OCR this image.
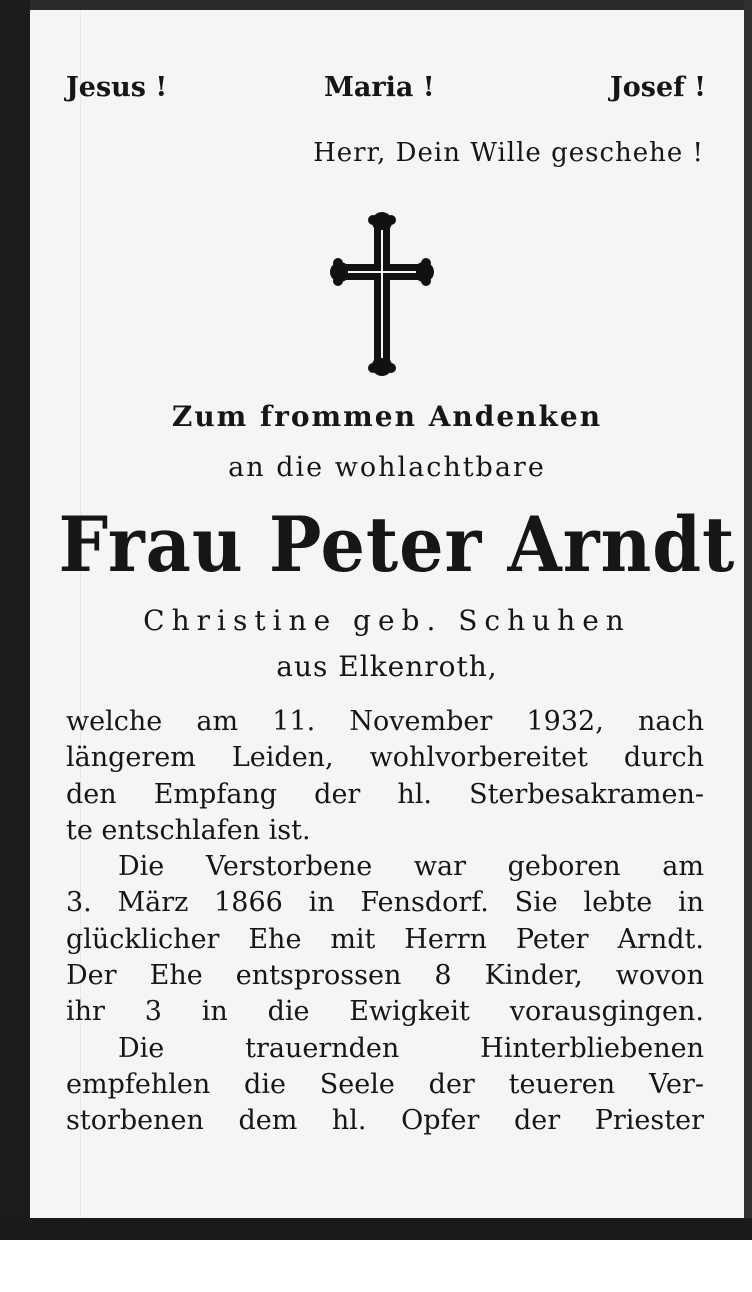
Jesus !	Maria !	Josef !
Herr, Dein Wille geschehe !
Zum frommen Andenken
an die wohlachtbare
Frau Peter Arndt
Christine geb. Schuhen
aus Elkenroth,
welche am 11. November 1932, nach
längerem Leiden, wohlvorbereitet durch
den Empfang der hl. Sterbesakramen-
te entschlafen ist.
Die Verstorbene war geboren am
3. März 1866 in Fensdorf. Sie lebte in
glücklicher Ehe mit Herrn Peter Arndt.
Der Ehe entsprossen 8 Kinder, wovon
ihr 3 in die Ewigkeit vorausgingen.
Die trauernden Hinterbliebenen
empfehlen die Seele der teueren Ver-
storbenen dem hl. Opfer der Priester
